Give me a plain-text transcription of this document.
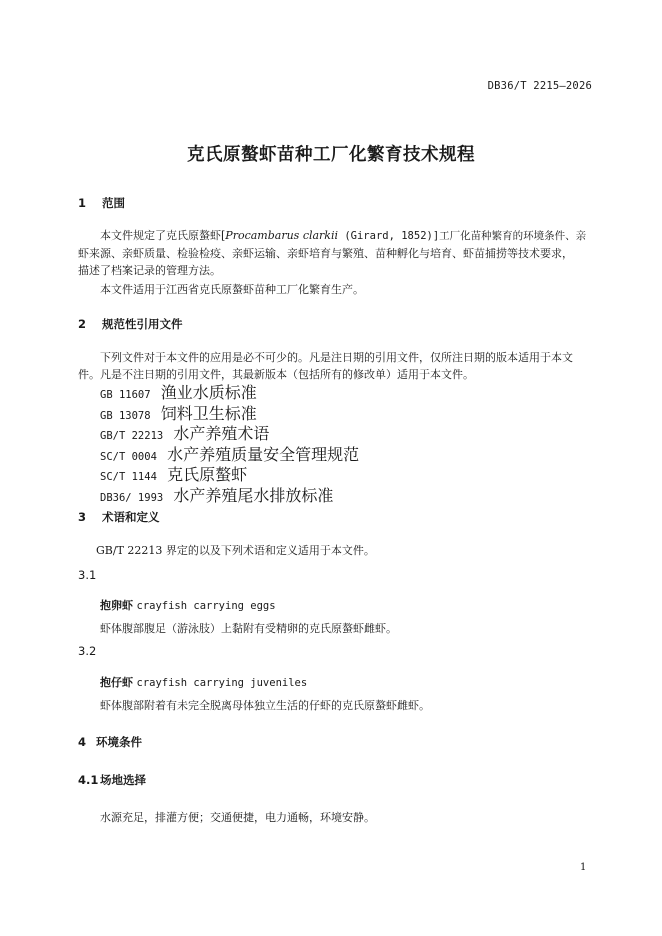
DB36/T 2215—2026
克氏原螯虾苗种工厂化繁育技术规程
1 范围
本文件规定了克氏原螯虾[Procambarus clarkii (Girard, 1852)]工厂化苗种繁育的环境条件、亲
虾来源、亲虾质量、检验检疫、亲虾运输、亲虾培育与繁殖、苗种孵化与培育、虾苗捕捞等技术要求，
描述了档案记录的管理方法。
本文件适用于江西省克氏原螯虾苗种工厂化繁育生产。
2 规范性引用文件
下列文件对于本文件的应用是必不可少的。凡是注日期的引用文件，仅所注日期的版本适用于本文
件。凡是不注日期的引用文件，其最新版本（包括所有的修改单）适用于本文件。
GB 11607 渔业水质标准
GB 13078 饲料卫生标准
GB/T 22213 水产养殖术语
SC/T 0004 水产养殖质量安全管理规范
SC/T 1144 克氏原螯虾
DB36/ 1993 水产养殖尾水排放标准
3 术语和定义
GB/T 22213 界定的以及下列术语和定义适用于本文件。
3.1
抱卵虾 crayfish carrying eggs
虾体腹部腹足（游泳肢）上黏附有受精卵的克氏原螯虾雌虾。
3.2
抱仔虾 crayfish carrying juveniles
虾体腹部附着有未完全脱离母体独立生活的仔虾的克氏原螯虾雌虾。
4 环境条件
4.1 场地选择
水源充足，排灌方便；交通便捷，电力通畅，环境安静。
1
